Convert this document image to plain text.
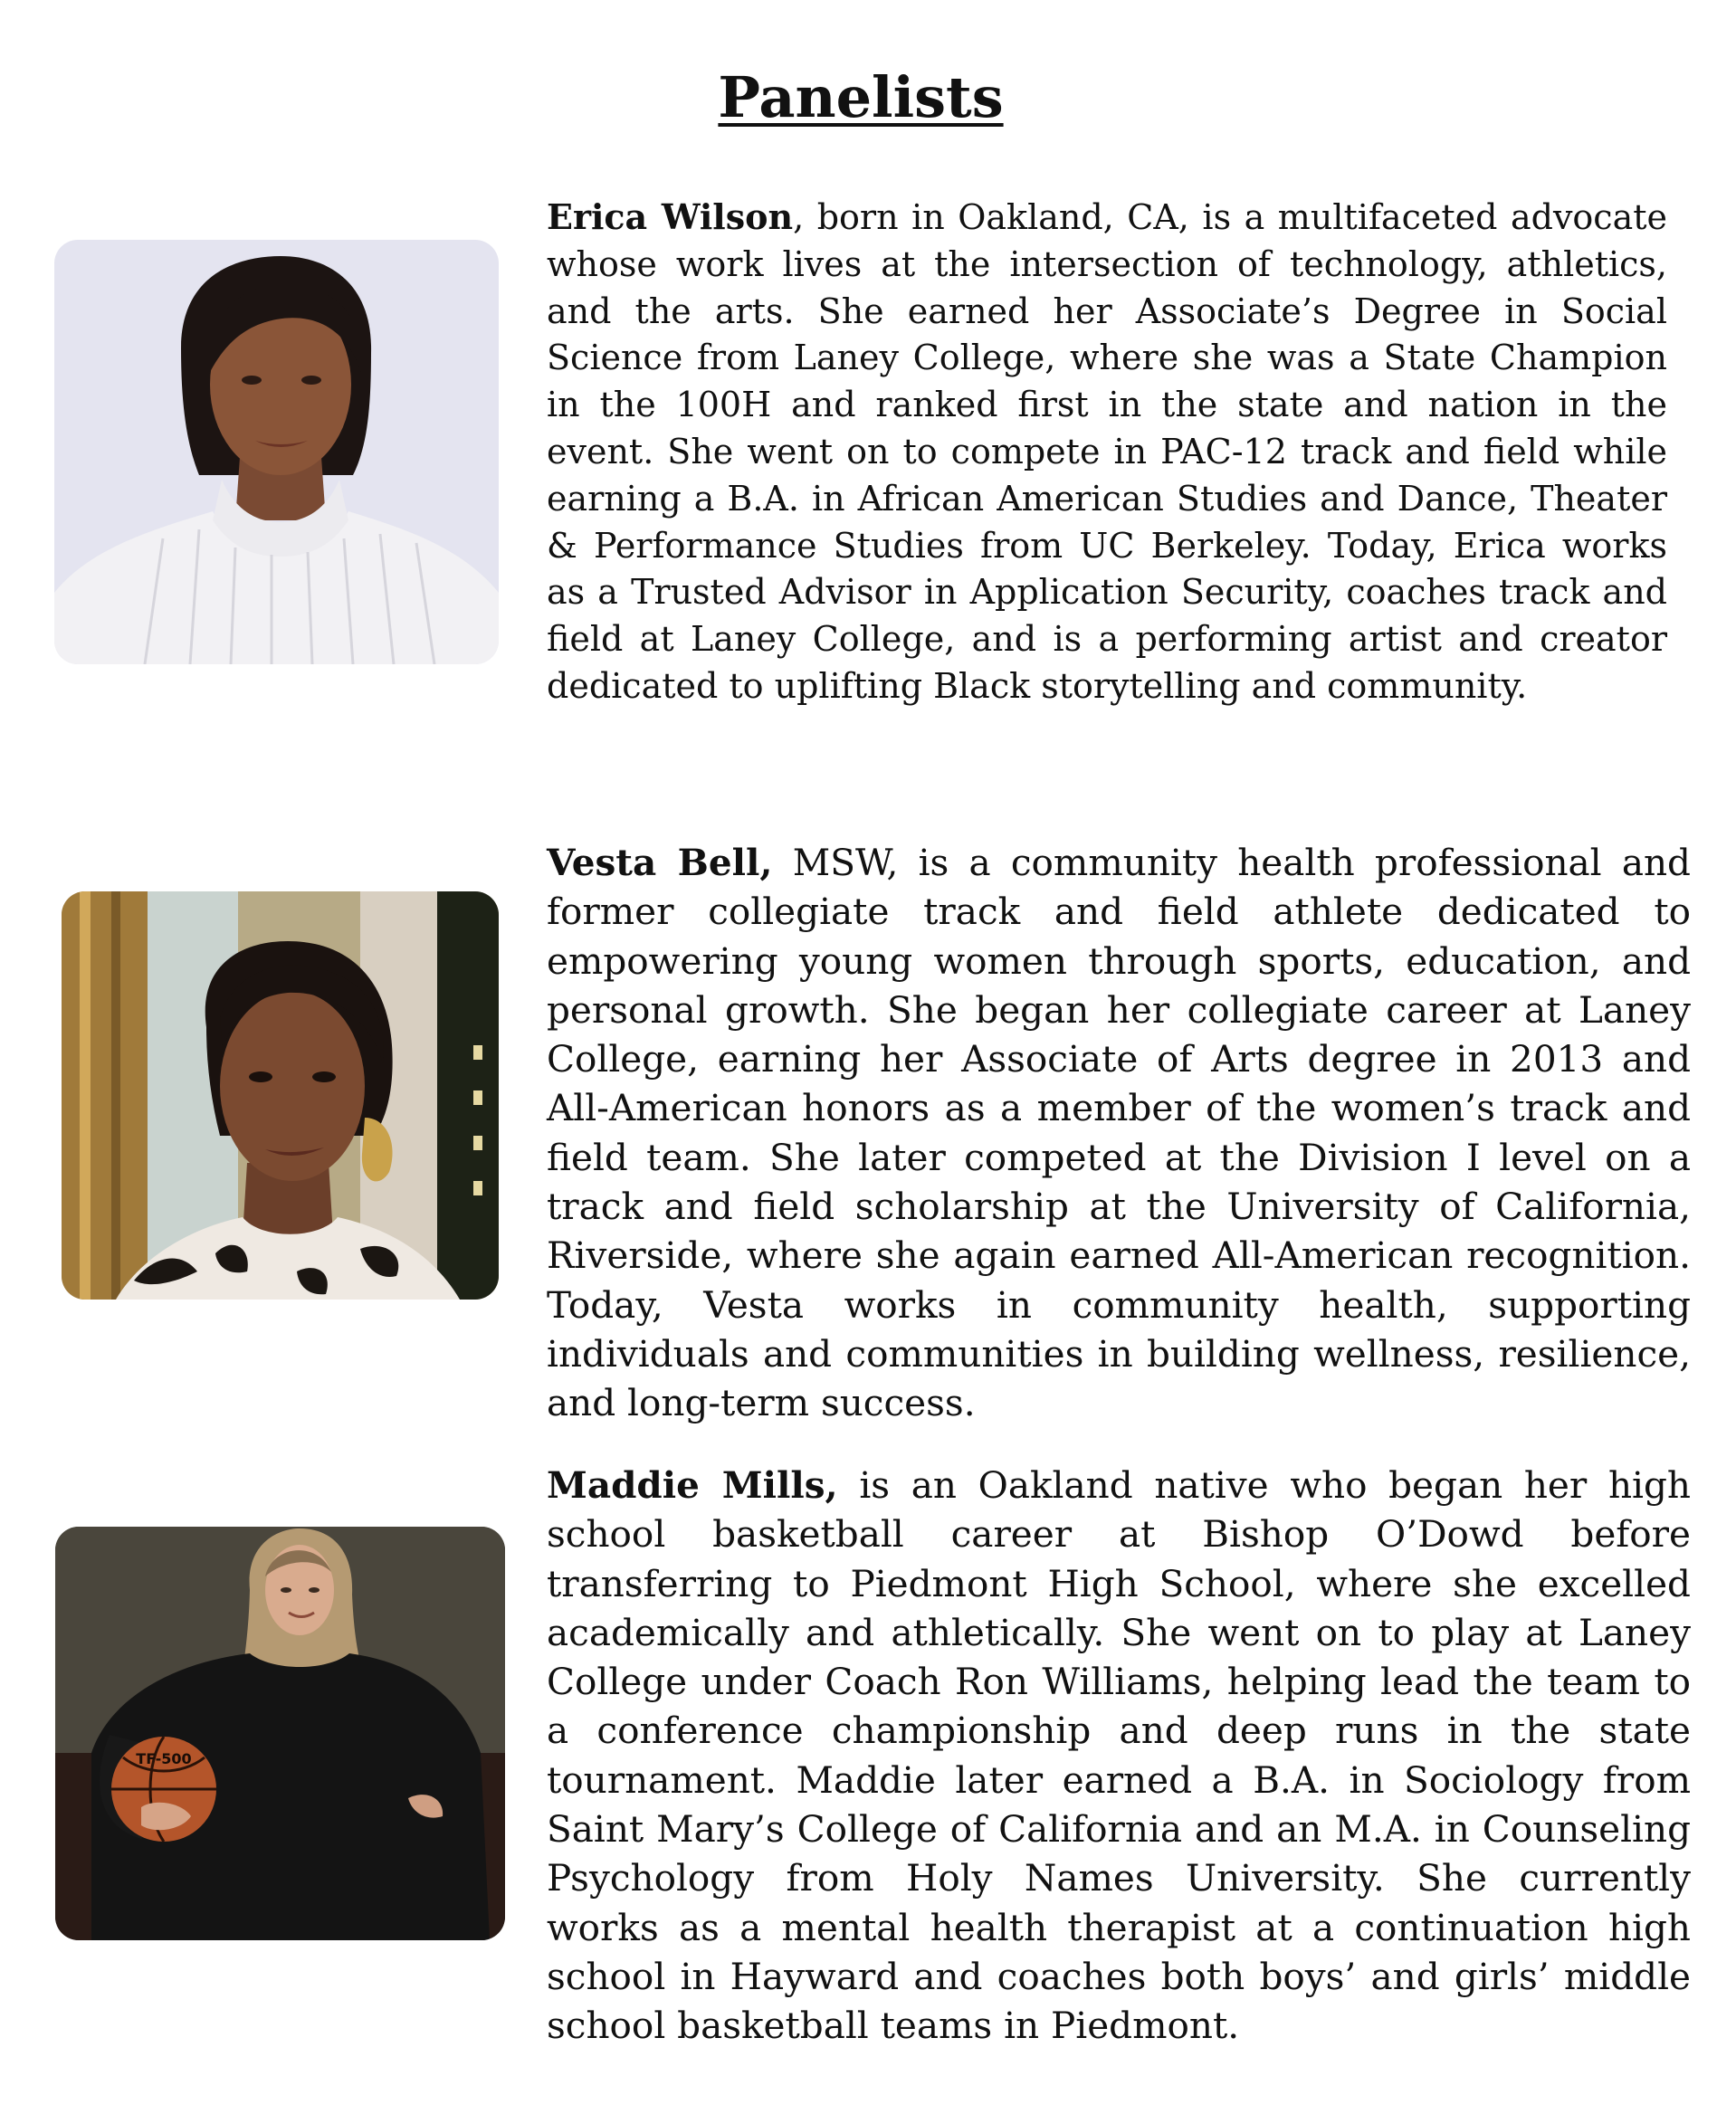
Panelists

Erica Wilson, born in Oakland, CA, is a multifaceted advocate whose work lives at the intersection of technology, athletics, and the arts. She earned her Associate’s Degree in Social Science from Laney College, where she was a State Champion in the 100H and ranked first in the state and nation in the event. She went on to compete in PAC-12 track and field while earning a B.A. in African American Studies and Dance, Theater & Performance Studies from UC Berkeley. Today, Erica works as a Trusted Advisor in Application Security, coaches track and field at Laney College, and is a performing artist and creator dedicated to uplifting Black storytelling and community.

Vesta Bell, MSW, is a community health professional and former collegiate track and field athlete dedicated to empowering young women through sports, education, and personal growth. She began her collegiate career at Laney College, earning her Associate of Arts degree in 2013 and All-American honors as a member of the women’s track and field team. She later competed at the Division I level on a track and field scholarship at the University of California, Riverside, where she again earned All-American recognition. Today, Vesta works in community health, supporting individuals and communities in building wellness, resilience, and long-term success.

TF-500

Maddie Mills, is an Oakland native who began her high school basketball career at Bishop O’Dowd before transferring to Piedmont High School, where she excelled academically and athletically. She went on to play at Laney College under Coach Ron Williams, helping lead the team to a conference championship and deep runs in the state tournament. Maddie later earned a B.A. in Sociology from Saint Mary’s College of California and an M.A. in Counseling Psychology from Holy Names University. She currently works as a mental health therapist at a continuation high school in Hayward and coaches both boys’ and girls’ middle school basketball teams in Piedmont.
